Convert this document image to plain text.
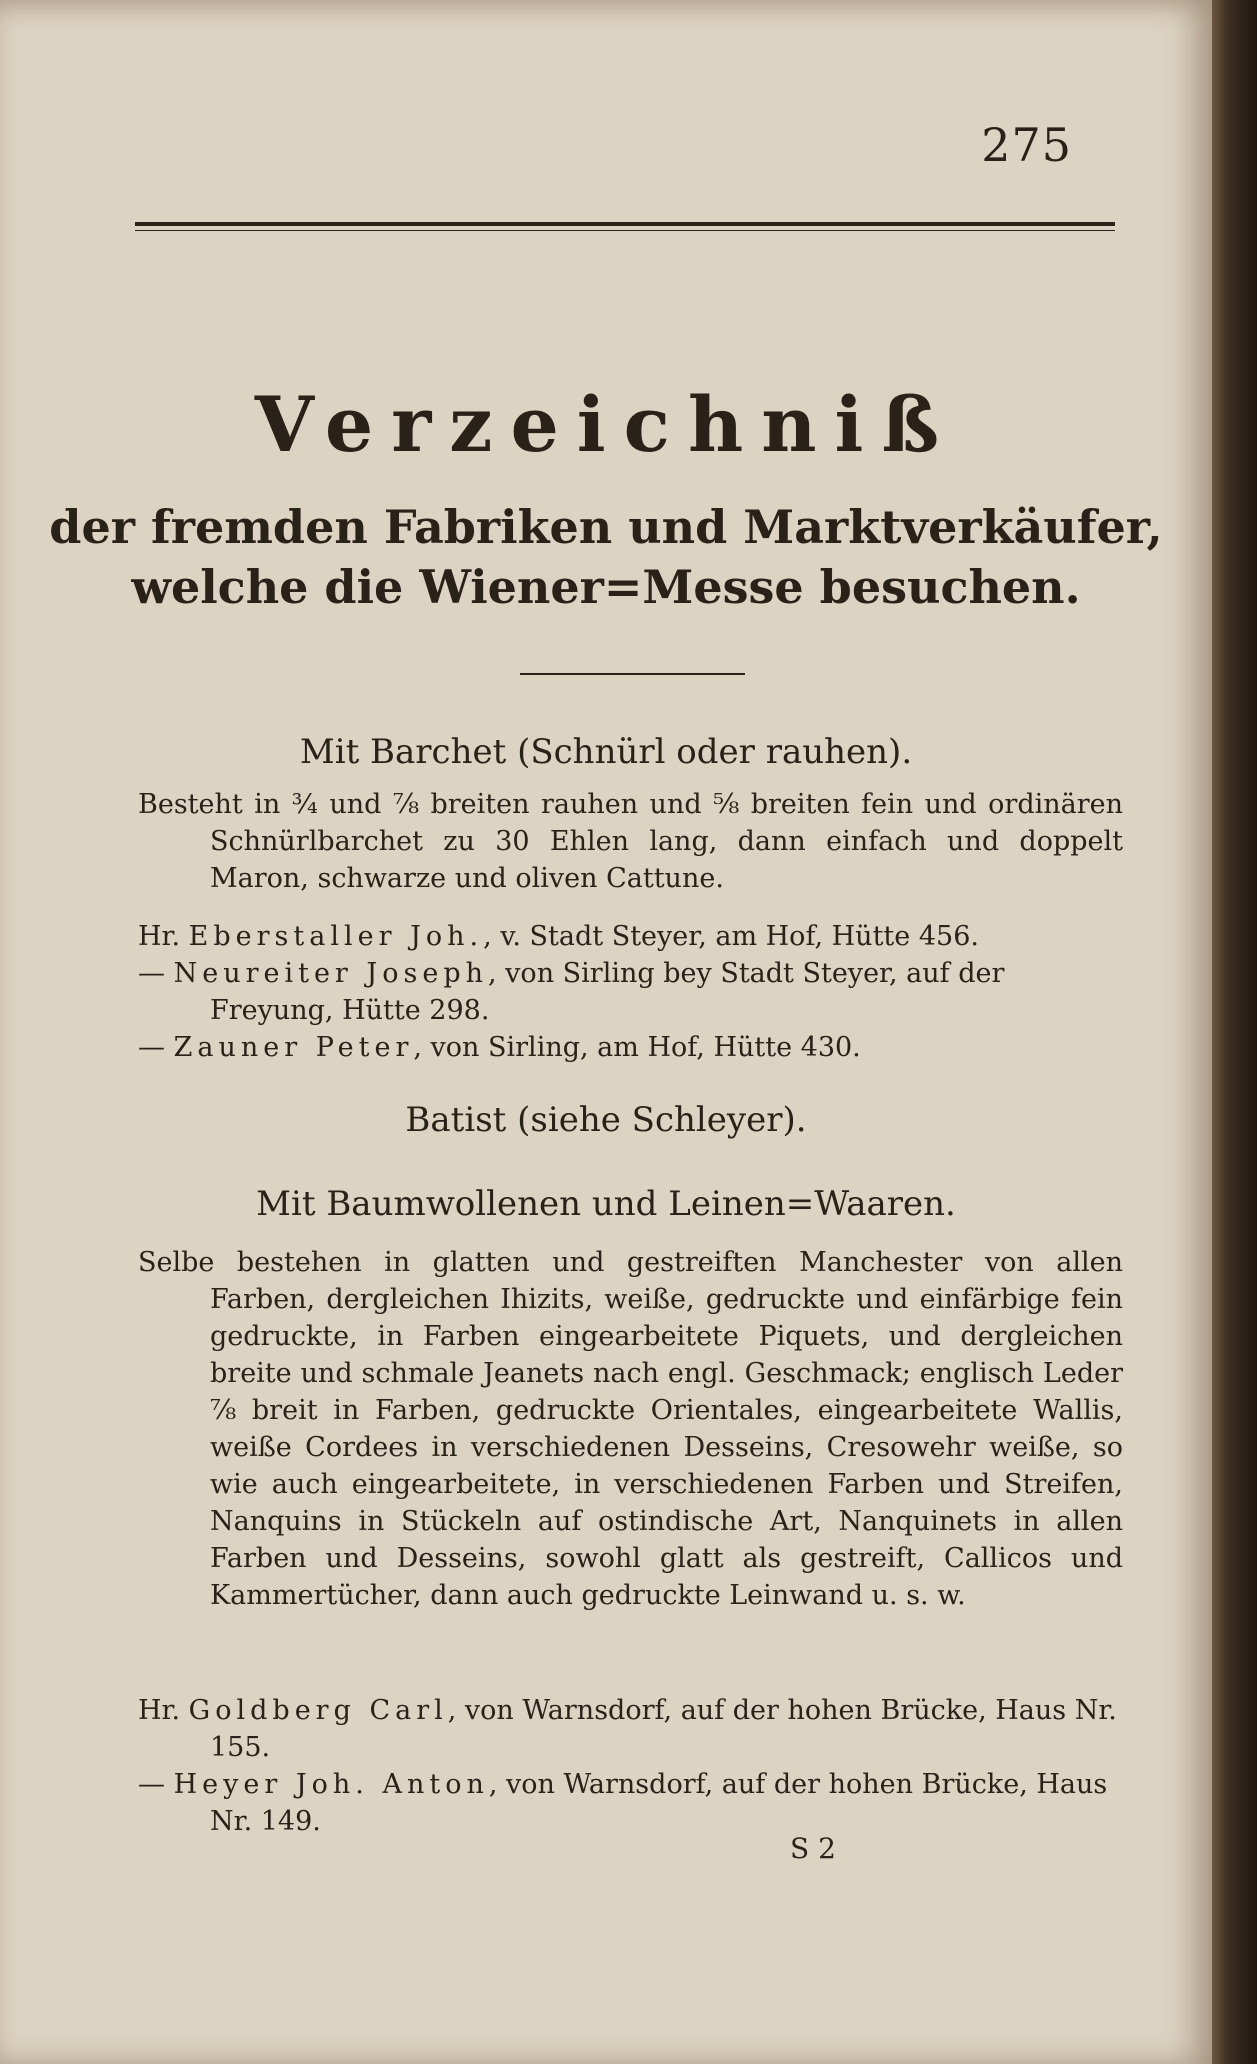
275
Verzeichniß
der fremden Fabriken und Marktverkäufer,
welche die Wiener=Messe besuchen.
Mit Barchet (Schnürl oder rauhen).

Besteht in ¾ und ⅞ breiten rauhen und ⅝ breiten fein und ordinären Schnürlbarchet zu 30 Ehlen lang, dann einfach und doppelt Maron, schwarze und oliven Cattune.

Hr. Eberstaller Joh., v. Stadt Steyer, am Hof, Hütte 456.

— Neureiter Joseph, von Sirling bey Stadt Steyer, auf der Freyung, Hütte 298.

— Zauner Peter, von Sirling, am Hof, Hütte 430.

Batist (siehe Schleyer).
Mit Baumwollenen und Leinen=Waaren.

Selbe bestehen in glatten und gestreiften Manchester von allen Farben, dergleichen Ihizits, weiße, gedruckte und einfärbige fein gedruckte, in Farben eingearbeitete Piquets, und dergleichen breite und schmale Jeanets nach engl. Geschmack; englisch Leder ⅞ breit in Farben, gedruckte Orientales, eingearbeitete Wallis, weiße Cordees in verschiedenen Desseins, Cresowehr weiße, so wie auch eingearbeitete, in verschiedenen Farben und Streifen, Nanquins in Stückeln auf ostindische Art, Nanquinets in allen Farben und Desseins, sowohl glatt als gestreift, Callicos und Kammertücher, dann auch gedruckte Leinwand u. s. w.

Hr. Goldberg Carl, von Warnsdorf, auf der hohen Brücke, Haus Nr. 155.

— Heyer Joh. Anton, von Warnsdorf, auf der hohen Brücke, Haus Nr. 149.

S 2
